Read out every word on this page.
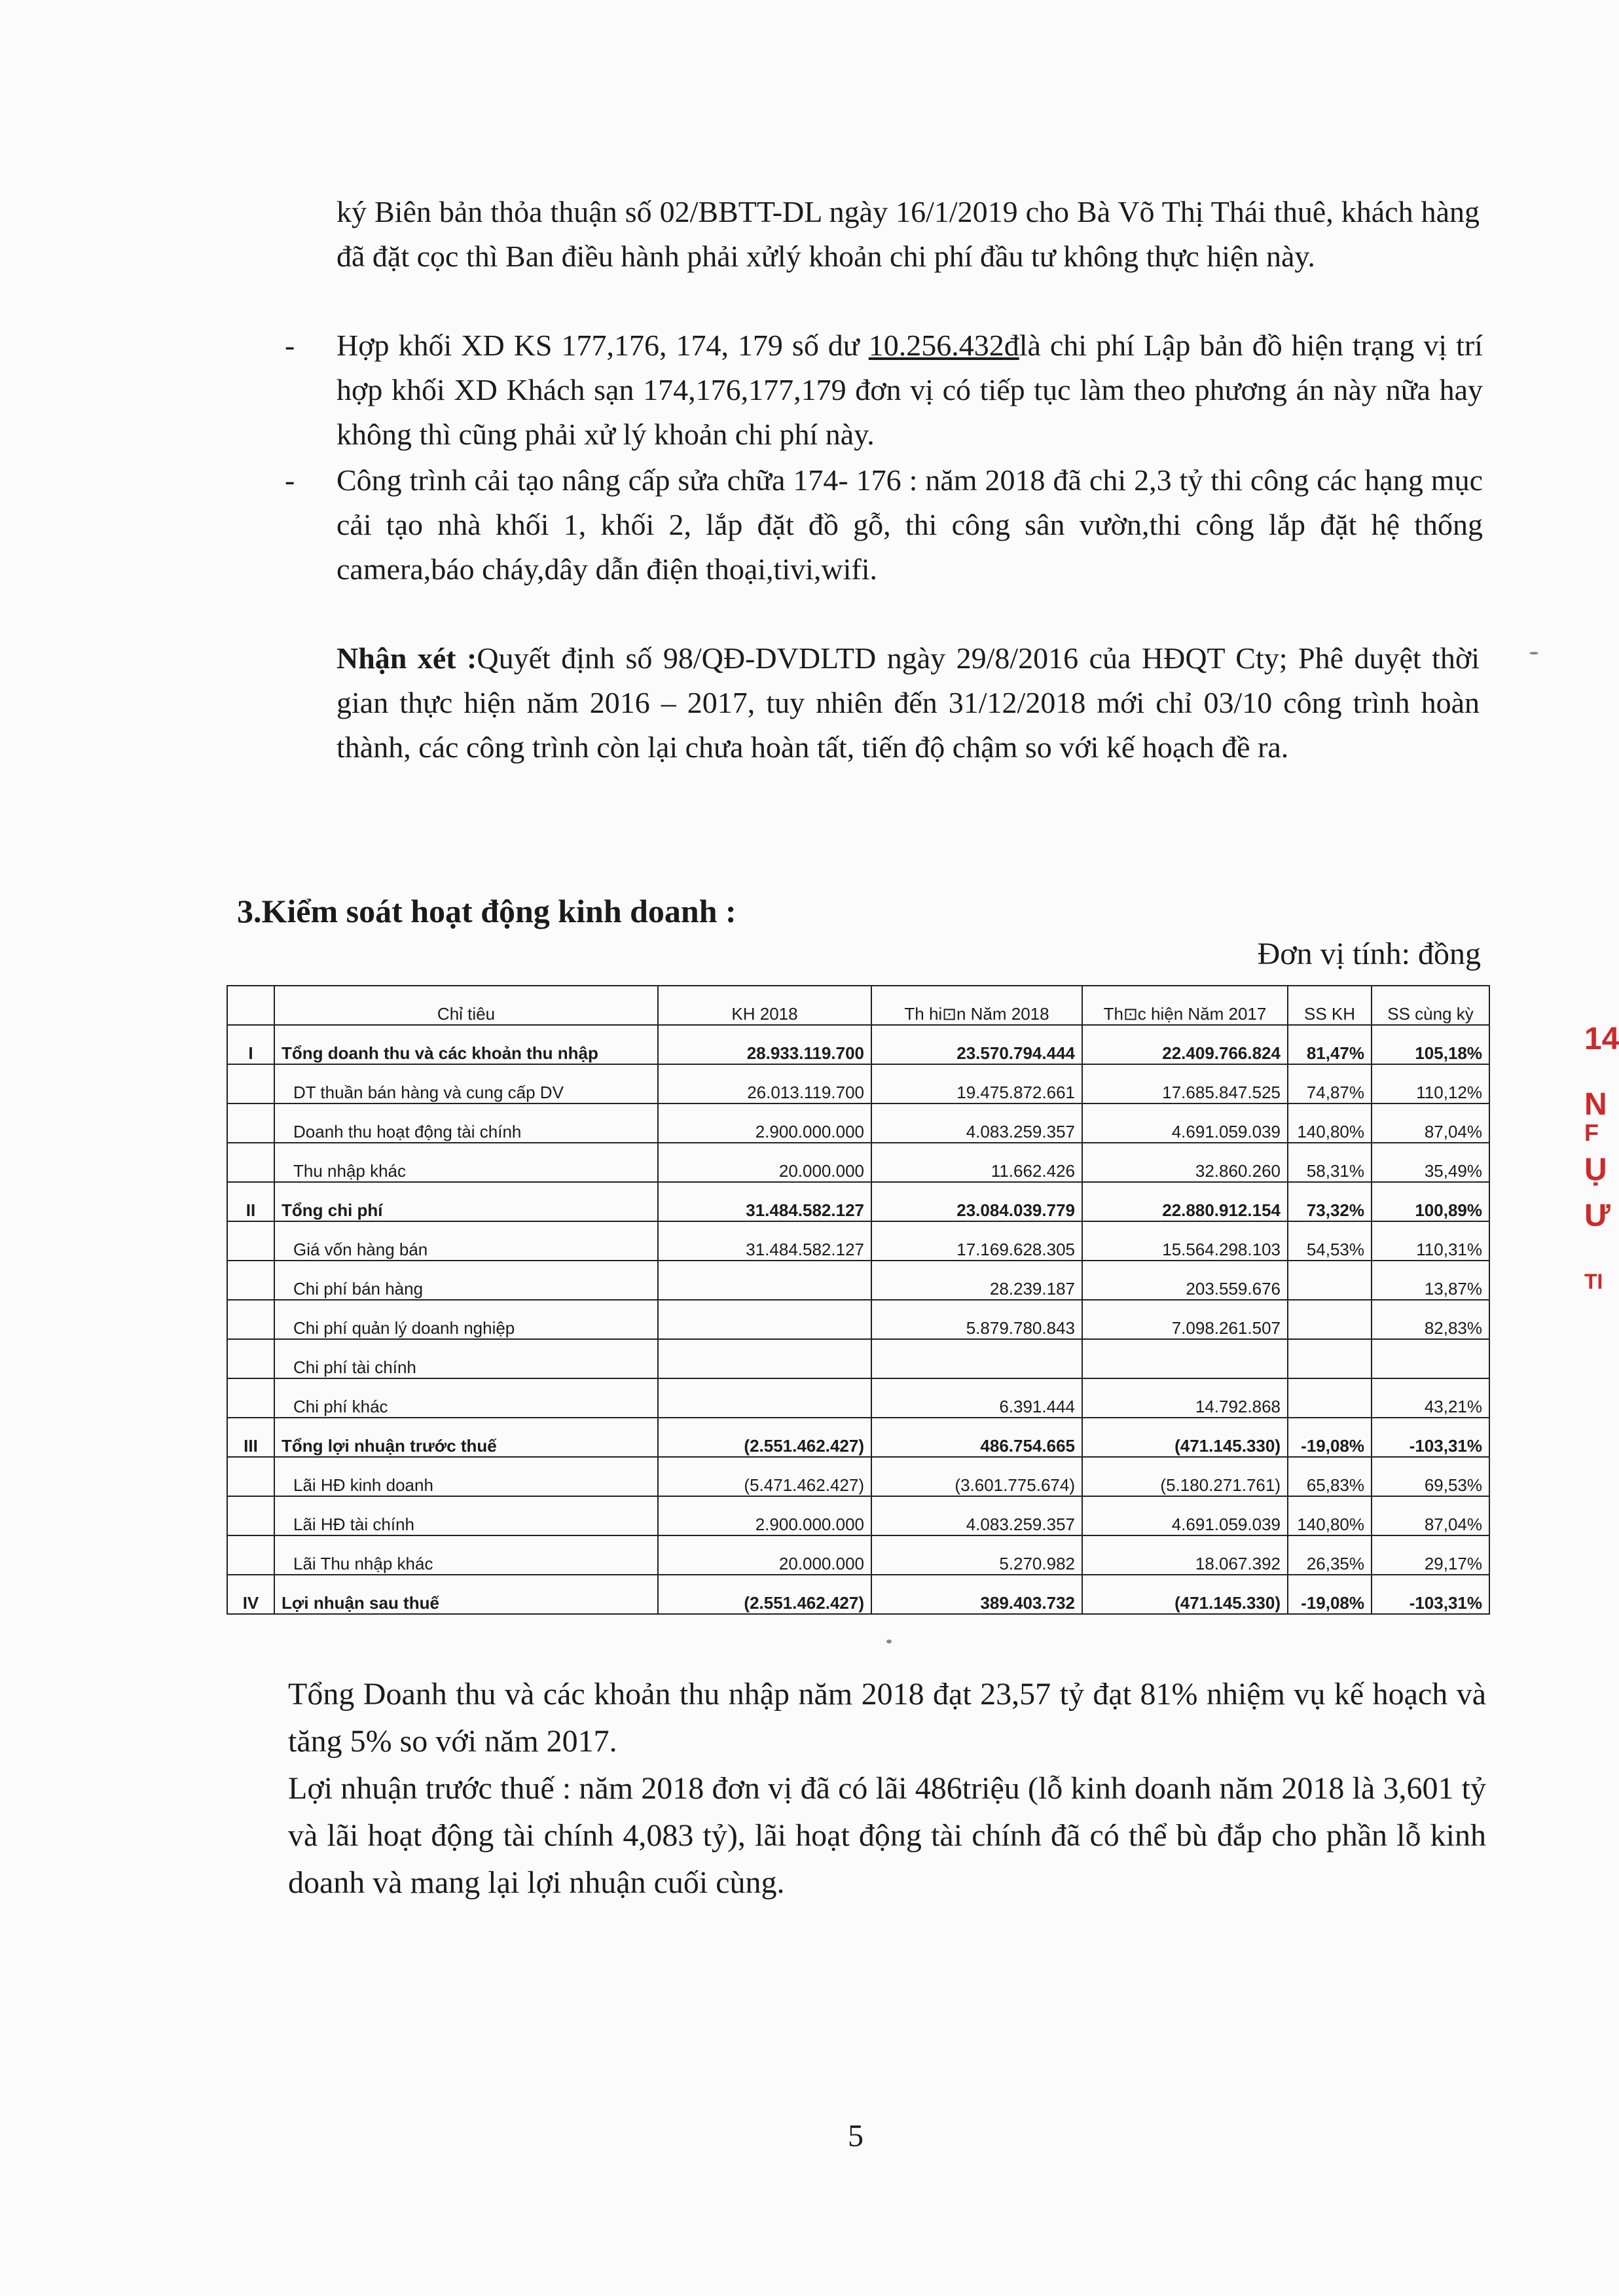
ký Biên bản thỏa thuận số 02/BBTT-DL ngày 16/1/2019 cho Bà Võ Thị Thái thuê, khách hàng đã đặt cọc thì Ban điều hành phải xửlý khoản chi phí đầu tư không thực hiện này.

-	Hợp khối XD KS 177,176, 174, 179 số dư 10.256.432đlà chi phí Lập bản đồ hiện trạng vị trí hợp khối XD Khách sạn 174,176,177,179 đơn vị có tiếp tục làm theo phương án này nữa hay không thì cũng phải xử lý khoản chi phí này.
-	Công trình cải tạo nâng cấp sửa chữa 174- 176 : năm 2018 đã chi 2,3 tỷ thi công các hạng mục cải tạo nhà khối 1, khối 2, lắp đặt đồ gỗ, thi công sân vườn,thi công lắp đặt hệ thống camera,báo cháy,dây dẫn điện thoại,tivi,wifi.

Nhận xét :Quyết định số 98/QĐ-DVDLTD ngày 29/8/2016 của HĐQT Cty; Phê duyệt thời gian thực hiện năm 2016 – 2017, tuy nhiên đến 31/12/2018 mới chỉ 03/10 công trình hoàn thành, các công trình còn lại chưa hoàn tất, tiến độ chậm so với kế hoạch đề ra.

3.Kiểm soát hoạt động kinh doanh :
Đơn vị tính: đồng
	Chỉ tiêu	KH 2018	Th hi⊡n Năm 2018	Th⊡c hiện Năm 2017	SS KH	SS cùng kỳ
I	Tổng doanh thu và các khoản thu nhập	28.933.119.700	23.570.794.444	22.409.766.824	81,47%	105,18%
	DT thuần bán hàng và cung cấp DV	26.013.119.700	19.475.872.661	17.685.847.525	74,87%	110,12%
	Doanh thu hoạt động tài chính	2.900.000.000	4.083.259.357	4.691.059.039	140,80%	87,04%
	Thu nhập khác	20.000.000	11.662.426	32.860.260	58,31%	35,49%
II	Tổng chi phí	31.484.582.127	23.084.039.779	22.880.912.154	73,32%	100,89%
	Giá vốn hàng bán	31.484.582.127	17.169.628.305	15.564.298.103	54,53%	110,31%
	Chi phí bán hàng		28.239.187	203.559.676		13,87%
	Chi phí quản lý doanh nghiệp		5.879.780.843	7.098.261.507		82,83%
	Chi phí tài chính					
	Chi phí khác		6.391.444	14.792.868		43,21%
III	Tổng lợi nhuận trước thuế	(2.551.462.427)	486.754.665	(471.145.330)	-19,08%	-103,31%
	Lãi HĐ kinh doanh	(5.471.462.427)	(3.601.775.674)	(5.180.271.761)	65,83%	69,53%
	Lãi HĐ tài chính	2.900.000.000	4.083.259.357	4.691.059.039	140,80%	87,04%
	Lãi Thu nhập khác	20.000.000	5.270.982	18.067.392	26,35%	29,17%
IV	Lợi nhuận sau thuế	(2.551.462.427)	389.403.732	(471.145.330)	-19,08%	-103,31%

Tổng Doanh thu và các khoản thu nhập năm 2018 đạt 23,57 tỷ đạt 81% nhiệm vụ kế hoạch và tăng 5% so với năm 2017.

Lợi nhuận trước thuế : năm 2018 đơn vị đã có lãi 486triệu (lỗ kinh doanh năm 2018 là 3,601 tỷ và lãi hoạt động tài chính 4,083 tỷ), lãi hoạt động tài chính đã có thể bù đắp cho phần lỗ kinh doanh và mang lại lợi nhuận cuối cùng.

5
14
N
F
Ụ
Ư
TI
